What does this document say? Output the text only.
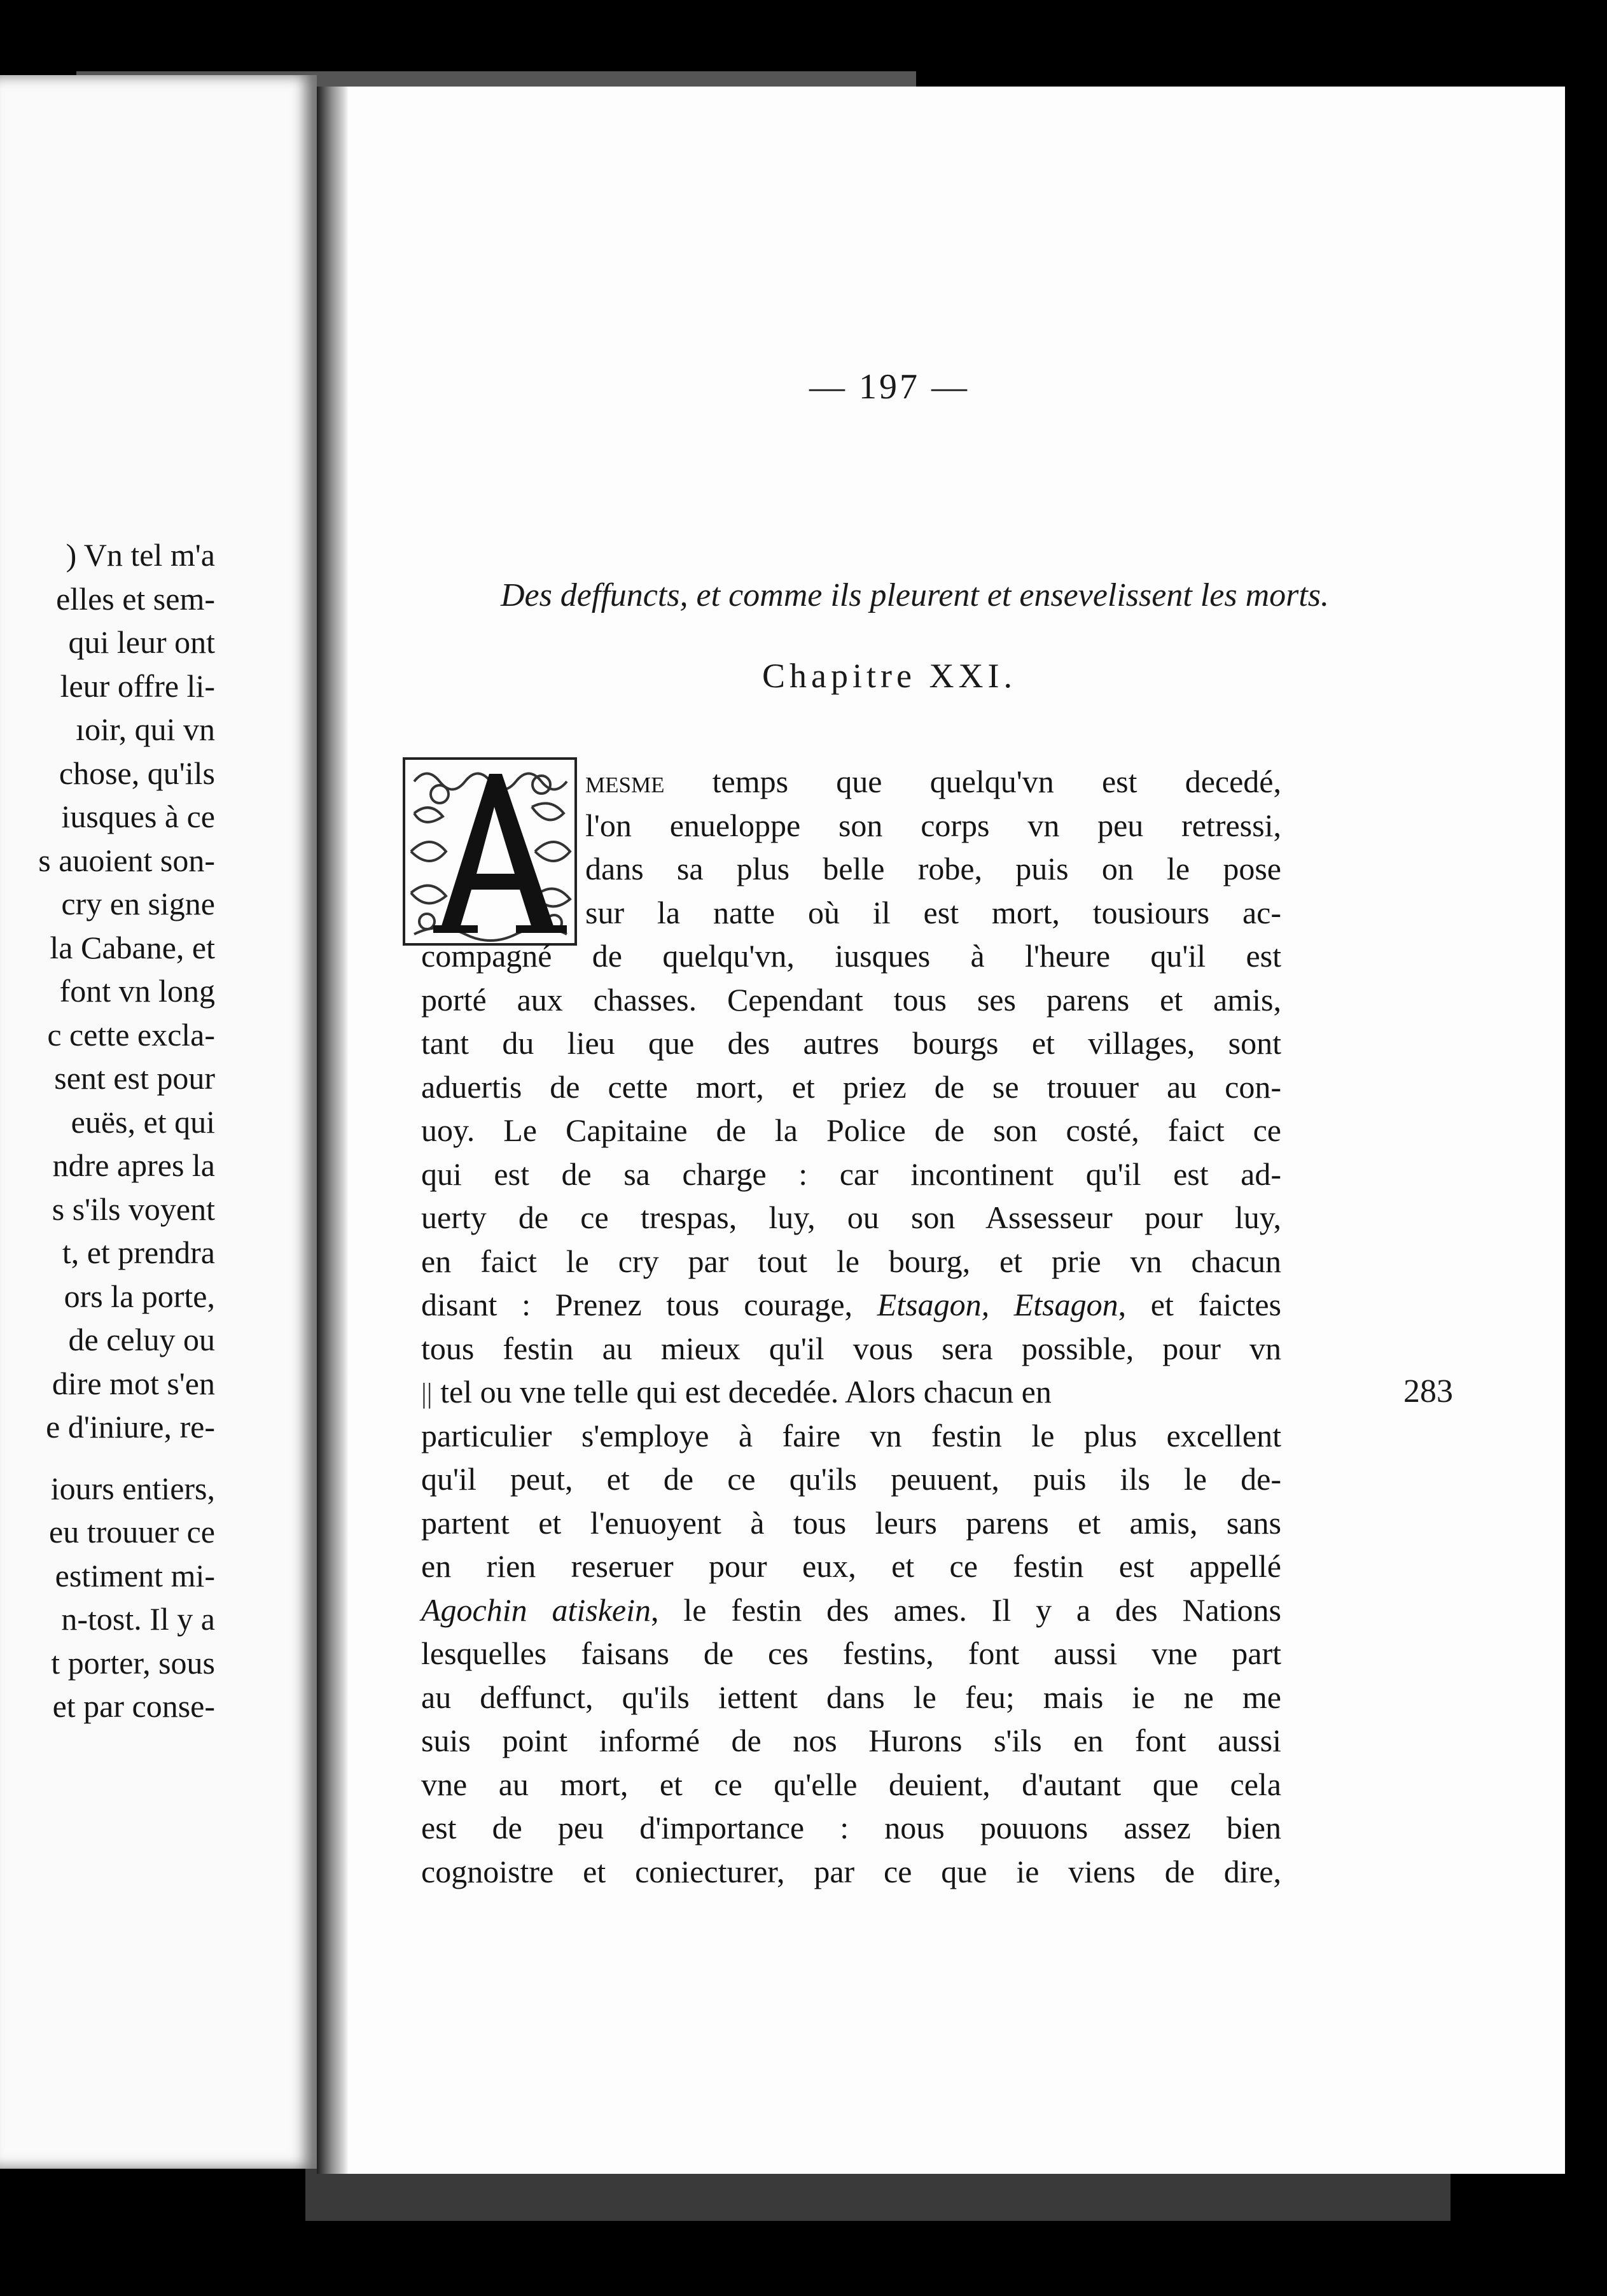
) Vn tel m'a
elles et sem-
qui leur ont
leur offre li-
ıoir, qui vn
chose, qu'ils
iusques à ce
s auoient son-
cry en signe
la Cabane, et
font vn long
c cette excla-
sent est pour
euës, et qui
ndre apres la
s s'ils voyent
t, et prendra
ors la porte,
de celuy ou
dire mot s'en
e d'iniure, re-
iours entiers,
eu trouuer ce
estiment mi-
n-tost. Il y a
t porter, sous
et par conse-
— 197 —
Des deffuncts, et comme ils pleurent et ensevelissent les morts.
Chapitre XXI.
mesme temps que quelqu'vn est decedé,
l'on enueloppe son corps vn peu retressi,
dans sa plus belle robe, puis on le pose
sur la natte où il est mort, tousiours ac-
compagné de quelqu'vn, iusques à l'heure qu'il est
porté aux chasses. Cependant tous ses parens et amis,
tant du lieu que des autres bourgs et villages, sont
aduertis de cette mort, et priez de se trouuer au con-
uoy. Le Capitaine de la Police de son costé, faict ce
qui est de sa charge : car incontinent qu'il est ad-
uerty de ce trespas, luy, ou son Assesseur pour luy,
en faict le cry par tout le bourg, et prie vn chacun
disant : Prenez tous courage, Etsagon, Etsagon, et faictes
tous festin au mieux qu'il vous sera possible, pour vn
|| tel ou vne telle qui est decedée. Alors chacun en	283
particulier s'employe à faire vn festin le plus excellent
qu'il peut, et de ce qu'ils peuuent, puis ils le de-
partent et l'enuoyent à tous leurs parens et amis, sans
en rien reseruer pour eux, et ce festin est appellé
Agochin atiskein, le festin des ames. Il y a des Nations
lesquelles faisans de ces festins, font aussi vne part
au deffunct, qu'ils iettent dans le feu; mais ie ne me
suis point informé de nos Hurons s'ils en font aussi
vne au mort, et ce qu'elle deuient, d'autant que cela
est de peu d'importance : nous pouuons assez bien
cognoistre et coniecturer, par ce que ie viens de dire,
